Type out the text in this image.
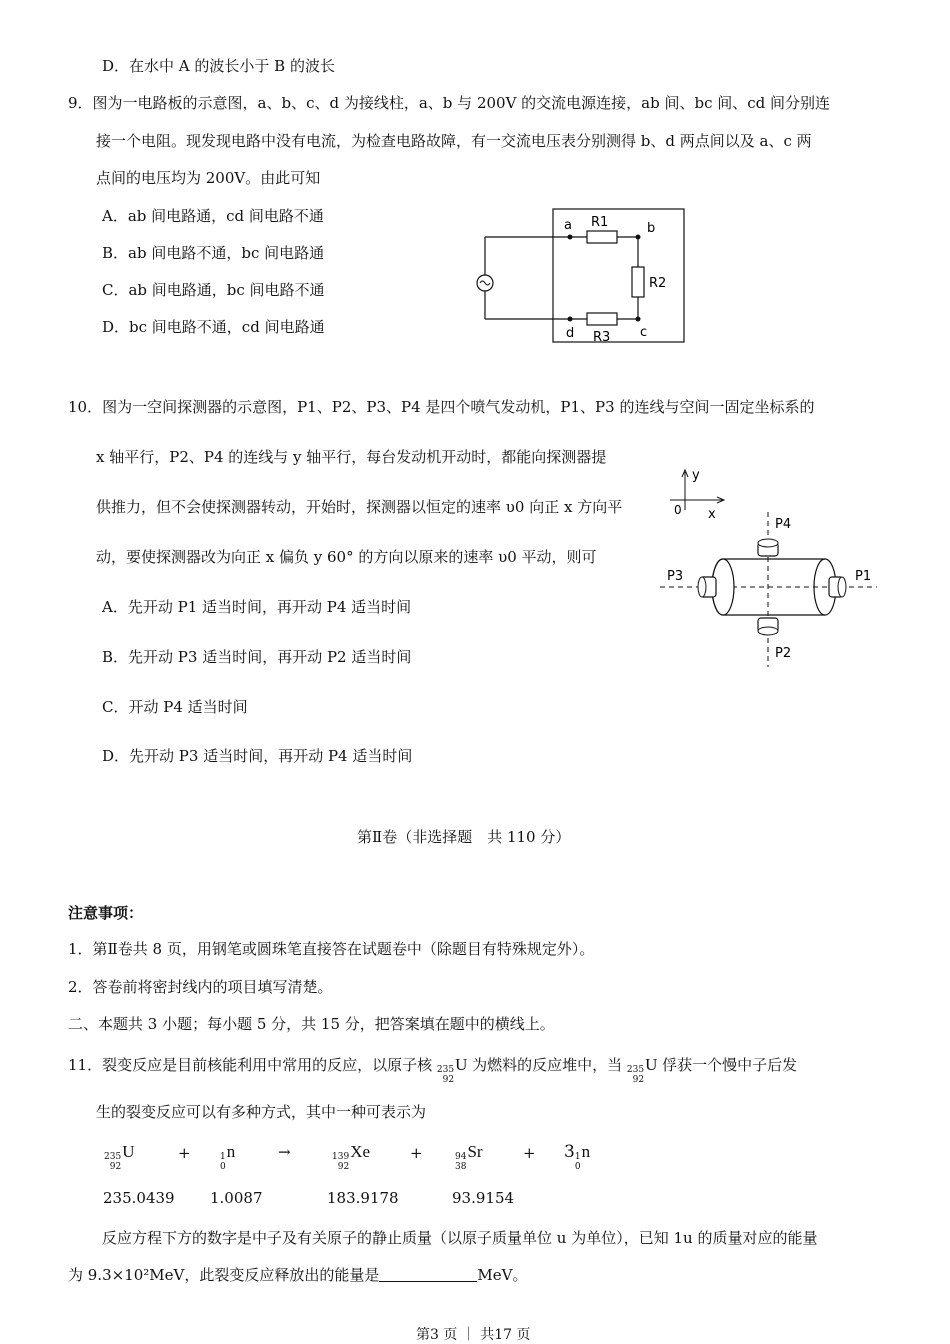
D．在水中 A 的波长小于 B 的波长
9．图为一电路板的示意图，a、b、c、d 为接线柱，a、b 与 200V 的交流电源连接，ab 间、bc 间、cd 间分别连
接一个电阻。现发现电路中没有电流，为检查电路故障，有一交流电压表分别测得 b、d 两点间以及 a、c 两
点间的电压均为 200V。由此可知
A．ab 间电路通，cd 间电路不通
B．ab 间电路不通，bc 间电路通
C．ab 间电路通，bc 间电路不通
D．bc 间电路不通，cd 间电路通
a	b
c
d
R1
R2
R3
10．图为一空间探测器的示意图，P1、P2、P3、P4 是四个喷气发动机，P1、P3 的连线与空间一固定坐标系的
x 轴平行，P2、P4 的连线与 y 轴平行，每台发动机开动时，都能向探测器提
供推力，但不会使探测器转动，开始时，探测器以恒定的速率 υ0 向正 x 方向平
动，要使探测器改为向正 x 偏负 y 60° 的方向以原来的速率 υ0 平动，则可
A．先开动 P1 适当时间，再开动 P4 适当时间
B．先开动 P3 适当时间，再开动 P2 适当时间
C．开动 P4 适当时间
D．先开动 P3 适当时间，再开动 P4 适当时间
y
x
0
P4
P2
P3	P1
第Ⅱ卷（非选择题　共 110 分）
注意事项：
1．第Ⅱ卷共 8 页，用钢笔或圆珠笔直接答在试题卷中（除题目有特殊规定外）。
2．答卷前将密封线内的项目填写清楚。
二、本题共 3 小题；每小题 5 分，共 15 分，把答案填在题中的横线上。
11．裂变反应是目前核能利用中常用的反应，以原子核 235
92
U 为燃料的反应堆中，当 235
92
U 俘获一个慢中子后发
生的裂变反应可以有多种方式，其中一种可表示为
235
92
U	+	1
0
n	→	139
92
Xe	+	94
38
Sr	+ 3 1
0
n
235.0439 1.0087	183.9178	93.9154
反应方程下方的数字是中子及有关原子的静止质量（以原子质量单位 u 为单位），已知 1u 的质量对应的能量
为 9.3×10²MeV，此裂变反应释放出的能量是	MeV。
第3 页 ｜ 共17 页
